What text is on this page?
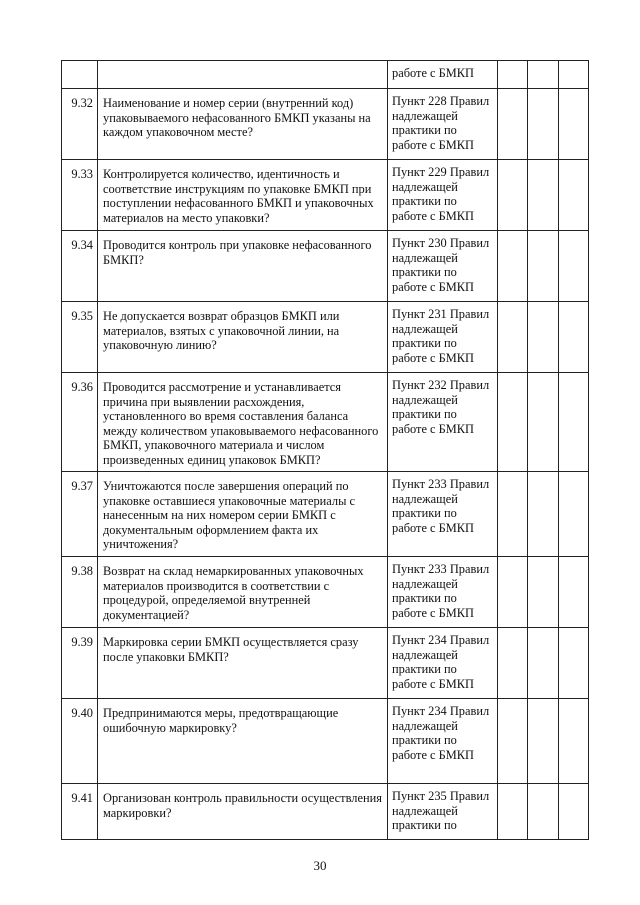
		работе с БМКП			
9.32	Наименование и номер серии (внутренний код) упаковываемого нефасованного БМКП указаны на каждом упаковочном месте?	Пункт 228 Правил надлежащей практики по работе с БМКП			
9.33	Контролируется количество, идентичность и соответствие инструкциям по упаковке БМКП при поступлении нефасованного БМКП и упаковочных материалов на место упаковки?	Пункт 229 Правил надлежащей практики по работе с БМКП			
9.34	Проводится контроль при упаковке нефасованного БМКП?	Пункт 230 Правил надлежащей практики по работе с БМКП			
9.35	Не допускается возврат образцов БМКП или материалов, взятых с упаковочной линии, на упаковочную линию?	Пункт 231 Правил надлежащей практики по работе с БМКП			
9.36	Проводится рассмотрение и устанавливается причина при выявлении расхождения, установленного во время составления баланса между количеством упаковываемого нефасованного БМКП, упаковочного материала и числом произведенных единиц упаковок БМКП?	Пункт 232 Правил надлежащей практики по работе с БМКП			
9.37	Уничтожаются после завершения операций по упаковке оставшиеся упаковочные материалы с нанесенным на них номером серии БМКП с документальным оформлением факта их уничтожения?	Пункт 233 Правил надлежащей практики по работе с БМКП			
9.38	Возврат на склад немаркированных упаковочных материалов производится в соответствии с процедурой, определяемой внутренней документацией?	Пункт 233 Правил надлежащей практики по работе с БМКП			
9.39	Маркировка серии БМКП осуществляется сразу после упаковки БМКП?	Пункт 234 Правил надлежащей практики по работе с БМКП			
9.40	Предпринимаются меры, предотвращающие ошибочную маркировку?	Пункт 234 Правил надлежащей практики по работе с БМКП			
9.41	Организован контроль правильности осуществления маркировки?	Пункт 235 Правил надлежащей практики по			
30
